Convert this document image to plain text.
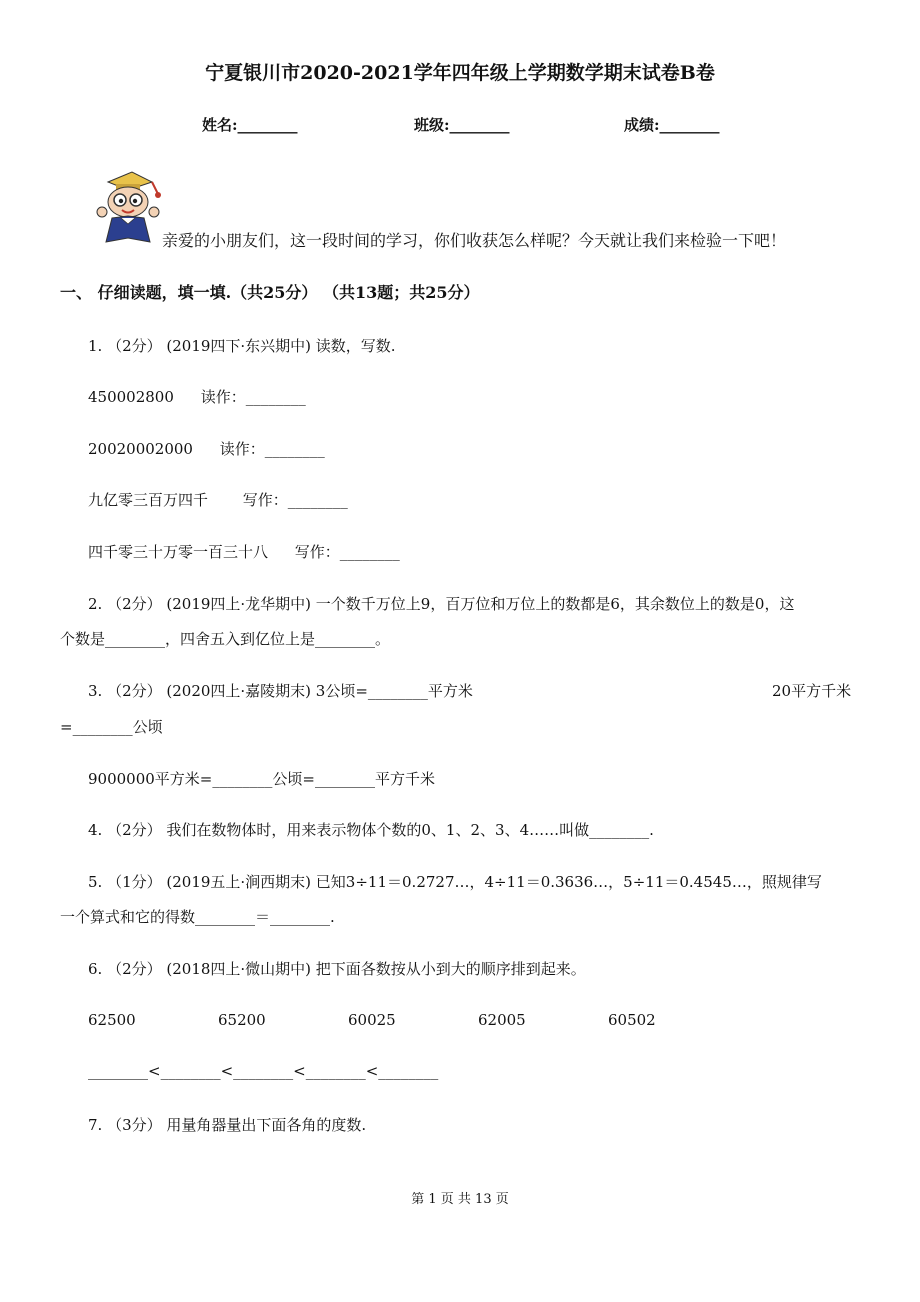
宁夏银川市2020-2021学年四年级上学期数学期末试卷B卷
姓名:________	班级:________	成绩:________
亲爱的小朋友们，这一段时间的学习，你们收获怎么样呢？今天就让我们来检验一下吧！
一、 仔细读题，填一填.（共25分） （共13题；共25分）
1. （2分） (2019四下·东兴期中) 读数，写数.
450002800 读作：________
20020002000 读作：________
九亿零三百万四千 写作：________
四千零三十万零一百三十八 写作：________
2. （2分） (2019四上·龙华期中) 一个数千万位上9，百万位和万位上的数都是6，其余数位上的数是0，这
个数是________，四舍五入到亿位上是________。
3. （2分） (2020四上·嘉陵期末) 3公顷=________平方米	20平方千米
=________公顷
9000000平方米=________公顷=________平方千米
4. （2分） 我们在数物体时，用来表示物体个数的0、1、2、3、4……叫做________.
5. （1分） (2019五上·涧西期末) 已知3÷11＝0.2727…，4÷11＝0.3636…，5÷11＝0.4545…，照规律写
一个算式和它的得数________＝________.
6. （2分） (2018四上·微山期中) 把下面各数按从小到大的顺序排到起来。
62500	65200	60025	62005	60502
________<________<________<________<________
7. （3分） 用量角器量出下面各角的度数.
第 1 页 共 13 页
